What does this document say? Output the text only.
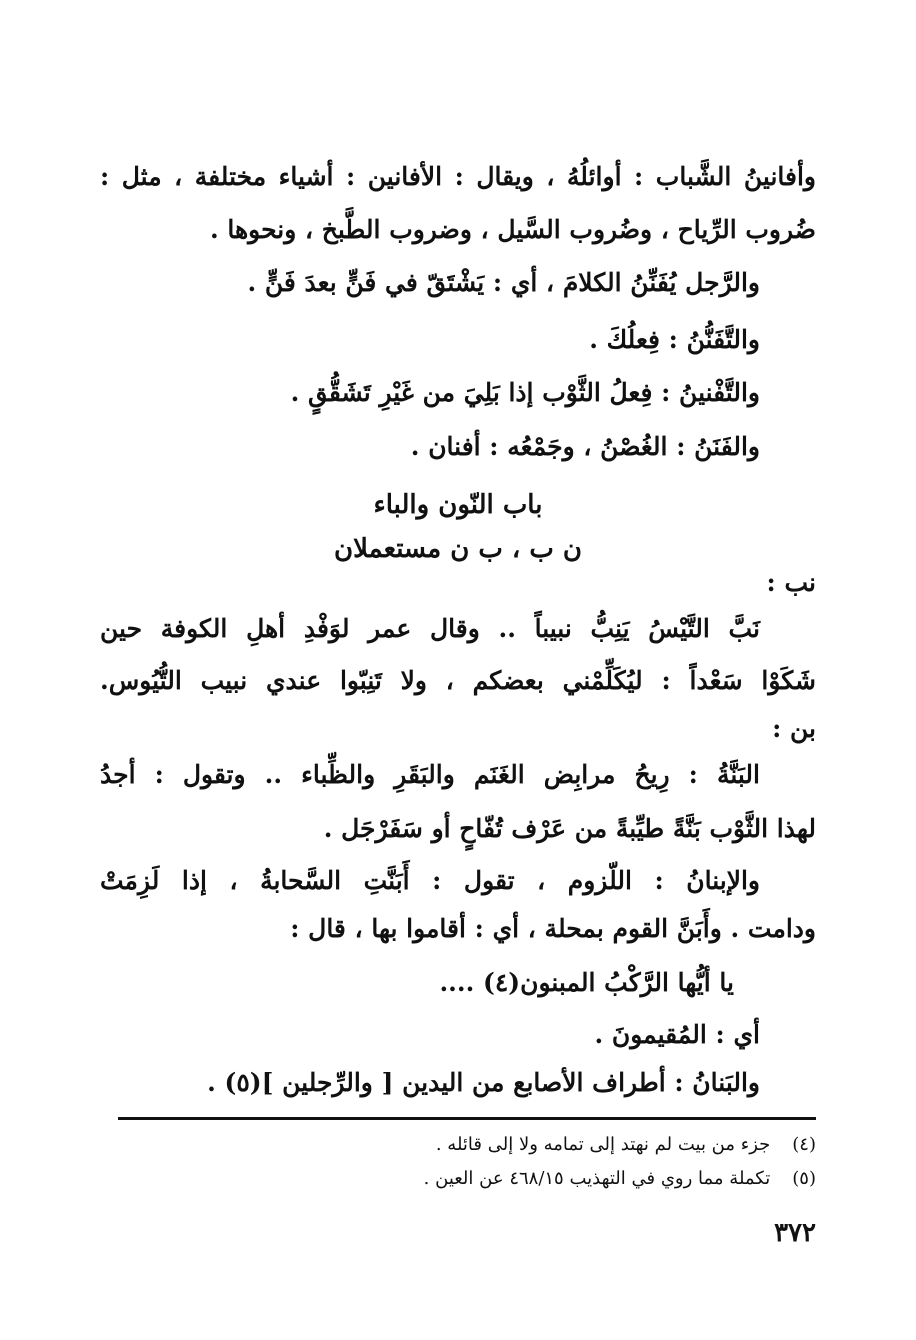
وأفانينُ الشَّباب : أوائلُهُ ، ويقال : الأفانين : أشياء مختلفة ، مثل :
ضُروب الرِّياح ، وضُروب السَّيل ، وضروب الطَّبخ ، ونحوها .
والرَّجل يُفَنِّنُ الكلامَ ، أي : يَشْتَقّ في فَنٍّ بعدَ فَنٍّ .
والتَّفَنُّنُ : فِعلُكَ .
والتَّفْنينُ : فِعلُ الثَّوْب إذا بَلِيَ من غَيْرِ تَشَقُّقٍ .
والفَنَنُ : الغُصْنُ ، وجَمْعُه : أفنان .
باب النّون والباء
ن ب ، ب ن مستعملان
نب :
نَبَّ التَّيْسُ يَنِبُّ نبيباً .. وقال عمر لوَفْدِ أهلِ الكوفة حين
شَكَوْا سَعْداً : ليُكَلِّمْني بعضكم ، ولا تَنِبّوا عندي نبيب التُّيُوس.
بن :
البَنَّةُ : رِيحُ مرابِض الغَنَم والبَقَرِ والظِّباء .. وتقول : أجدُ
لهذا الثَّوْب بَنَّةً طيِّبةً من عَرْف تُفّاحٍ أو سَفَرْجَل .
والإبنانُ : اللّزوم ، تقول : أَبَنَّتِ السَّحابةُ ، إذا لَزِمَتْ
ودامت . وأَبَنَّ القوم بمحلة ، أي : أقاموا بها ، قال :
يا أيُّها الرَّكْبُ المبنون(٤) ....
أي : المُقيمونَ .
والبَنانُ : أطراف الأصابع من اليدين [ والرِّجلين ](٥) .
(٤) جزء من بيت لم نهتد إلى تمامه ولا إلى قائله .
(٥) تكملة مما روي في التهذيب ٤٦٨/١٥ عن العين .
٣٧٢
